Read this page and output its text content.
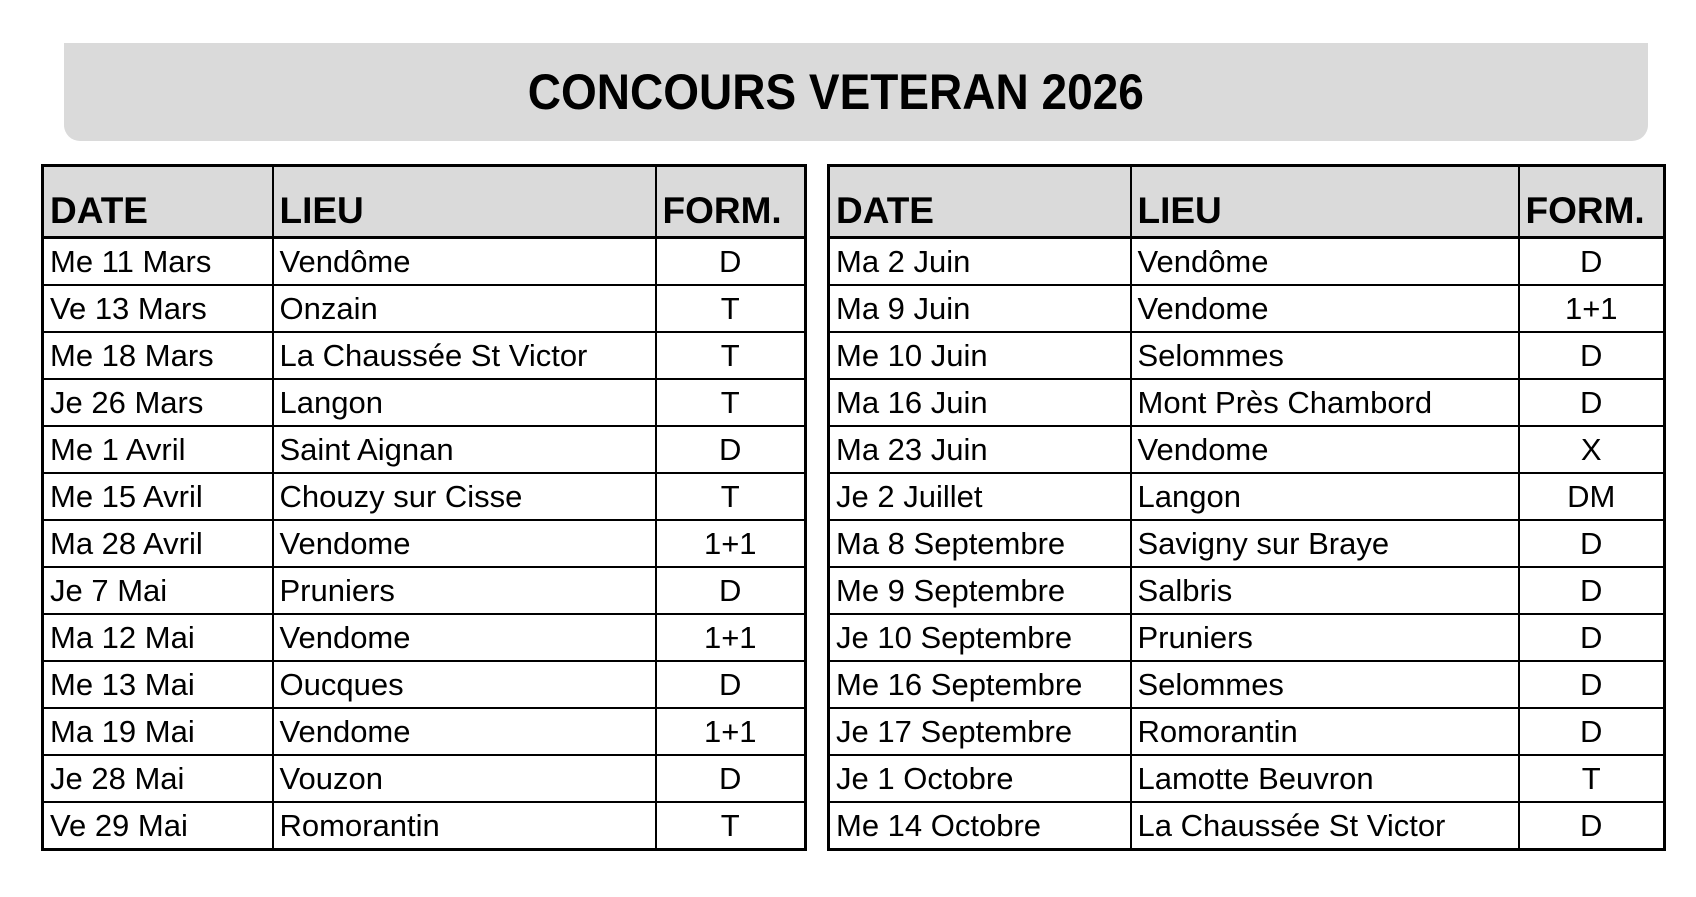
CONCOURS VETERAN 2026
DATE	LIEU	FORM.
Me 11 Mars	Vendôme	D
Ve 13 Mars	Onzain	T
Me 18 Mars	La Chaussée St Victor	T
Je 26 Mars	Langon	T
Me 1 Avril	Saint Aignan	D
Me 15 Avril	Chouzy sur Cisse	T
Ma 28 Avril	Vendome	1+1
Je 7 Mai	Pruniers	D
Ma 12 Mai	Vendome	1+1
Me 13 Mai	Oucques	D
Ma 19 Mai	Vendome	1+1
Je 28 Mai	Vouzon	D
Ve 29 Mai	Romorantin	T
DATE	LIEU	FORM.
Ma 2 Juin	Vendôme	D
Ma 9 Juin	Vendome	1+1
Me 10 Juin	Selommes	D
Ma 16 Juin	Mont Près Chambord	D
Ma 23 Juin	Vendome	X
Je 2 Juillet	Langon	DM
Ma 8 Septembre	Savigny sur Braye	D
Me 9 Septembre	Salbris	D
Je 10 Septembre	Pruniers	D
Me 16 Septembre	Selommes	D
Je 17 Septembre	Romorantin	D
Je 1 Octobre	Lamotte Beuvron	T
Me 14 Octobre	La Chaussée St Victor	D
